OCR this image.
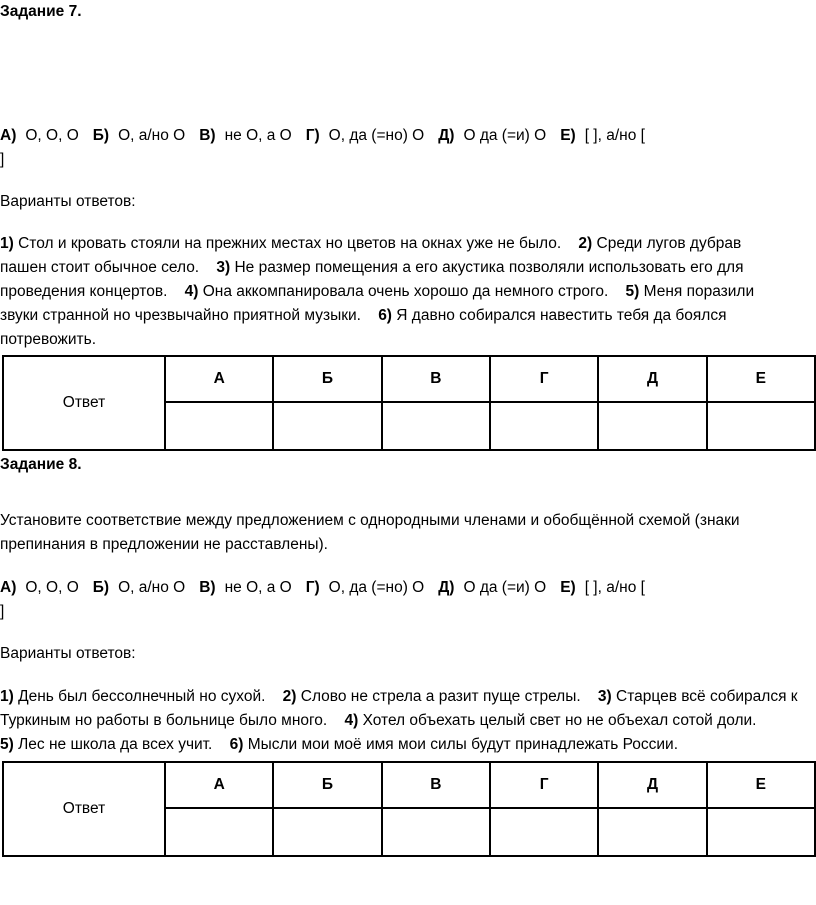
Задание 7.
А) О, О, О Б) О, а/но О В) не О, а О Г) О, да (=но) О Д) О да (=и) О Е) [ ], а/но [
]
Варианты ответов:
1) Стол и кровать стояли на прежних местах но цветов на окнах уже не было.    2) Среди лугов дубрав
пашен стоит обычное село.    3) Не размер помещения а его акустика позволяли использовать его для
проведения концертов.    4) Она аккомпанировала очень хорошо да немного строго.    5) Меня поразили
звуки странной но чрезвычайно приятной музыки.    6) Я давно собирался навестить тебя да боялся
потревожить.
Ответ	А	Б	В	Г	Д	Е

Задание 8.
Установите соответствие между предложением с однородными членами и обобщённой схемой (знаки
препинания в предложении не расставлены).
А) О, О, О Б) О, а/но О В) не О, а О Г) О, да (=но) О Д) О да (=и) О Е) [ ], а/но [
]
Варианты ответов:
1) День был бессолнечный но сухой.    2) Слово не стрела а разит пуще стрелы.    3) Старцев всё собирался к
Туркиным но работы в больнице было много.    4) Хотел объехать целый свет но не объехал сотой доли.
5) Лес не школа да всех учит.    6) Мысли мои моё имя мои силы будут принадлежать России.
Ответ	А	Б	В	Г	Д	Е
